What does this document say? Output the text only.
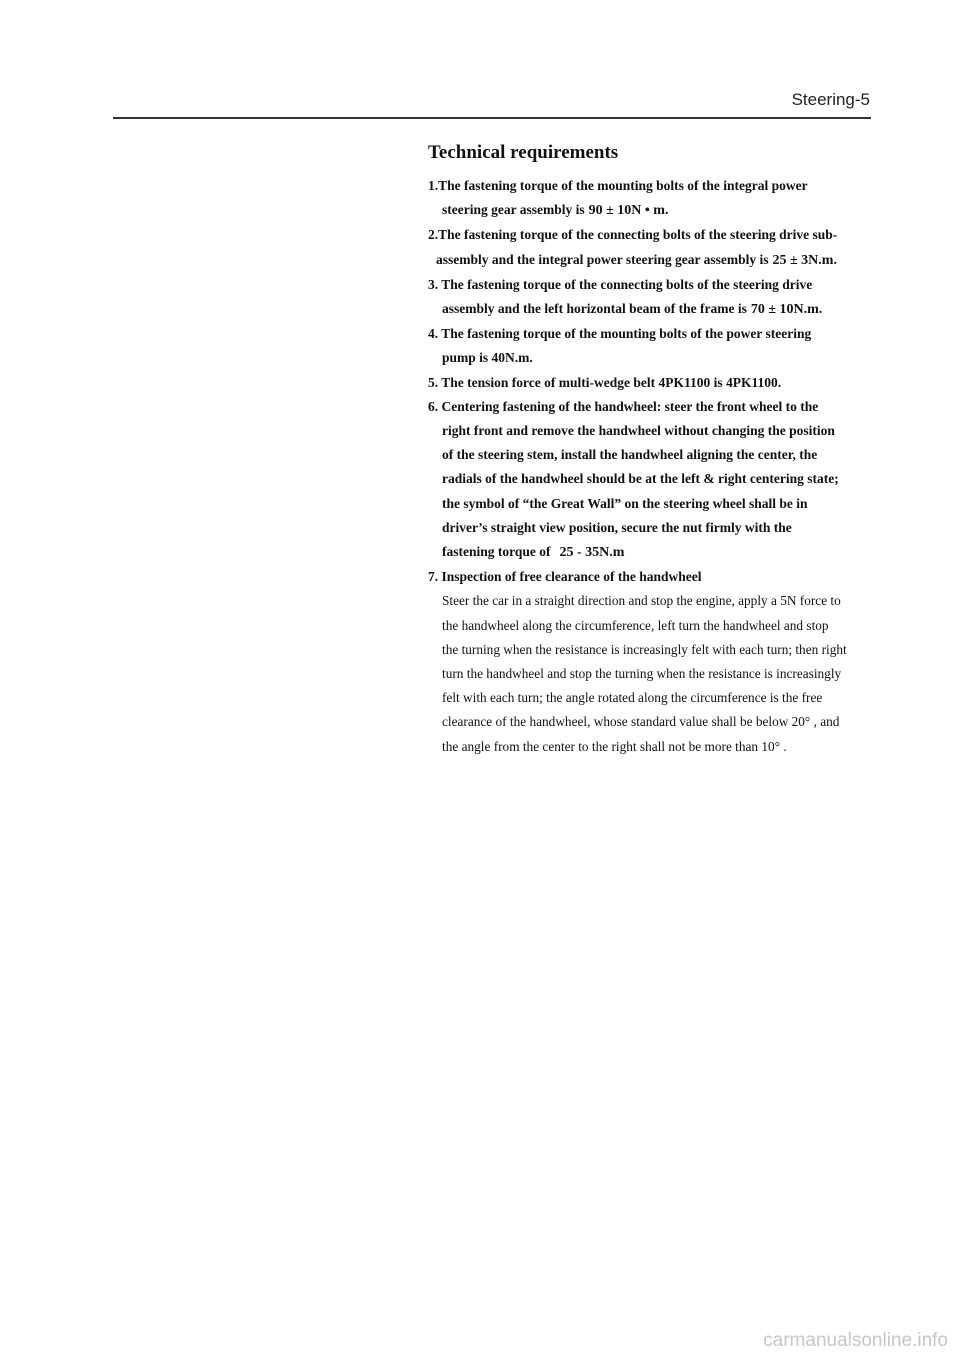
Steering-5
Technical requirements
1.The fastening torque of the mounting bolts of the integral power
steering gear assembly is 90 ± 10N • m.
2.The fastening torque of the connecting bolts of the steering drive sub-
assembly and the integral power steering gear assembly is 25 ± 3N.m.
3. The fastening torque of the connecting bolts of the steering drive
assembly and the left horizontal beam of the frame is 70 ± 10N.m.
4. The fastening torque of the mounting bolts of the power steering
pump is 40N.m.
5. The tension force of multi-wedge belt 4PK1100 is 4PK1100.
6. Centering fastening of the handwheel: steer the front wheel to the
right front and remove the handwheel without changing the position
of the steering stem, install the handwheel aligning the center, the
radials of the handwheel should be at the left & right centering state;
the symbol of “the Great Wall” on the steering wheel shall be in
driver’s straight view position, secure the nut firmly with the
fastening torque of 25 - 35N.m
7. Inspection of free clearance of the handwheel
Steer the car in a straight direction and stop the engine, apply a 5N force to
the handwheel along the circumference, left turn the handwheel and stop
the turning when the resistance is increasingly felt with each turn; then right
turn the handwheel and stop the turning when the resistance is increasingly
felt with each turn; the angle rotated along the circumference is the free
clearance of the handwheel, whose standard value shall be below 20° , and
the angle from the center to the right shall not be more than 10° .
carmanualsonline.info
